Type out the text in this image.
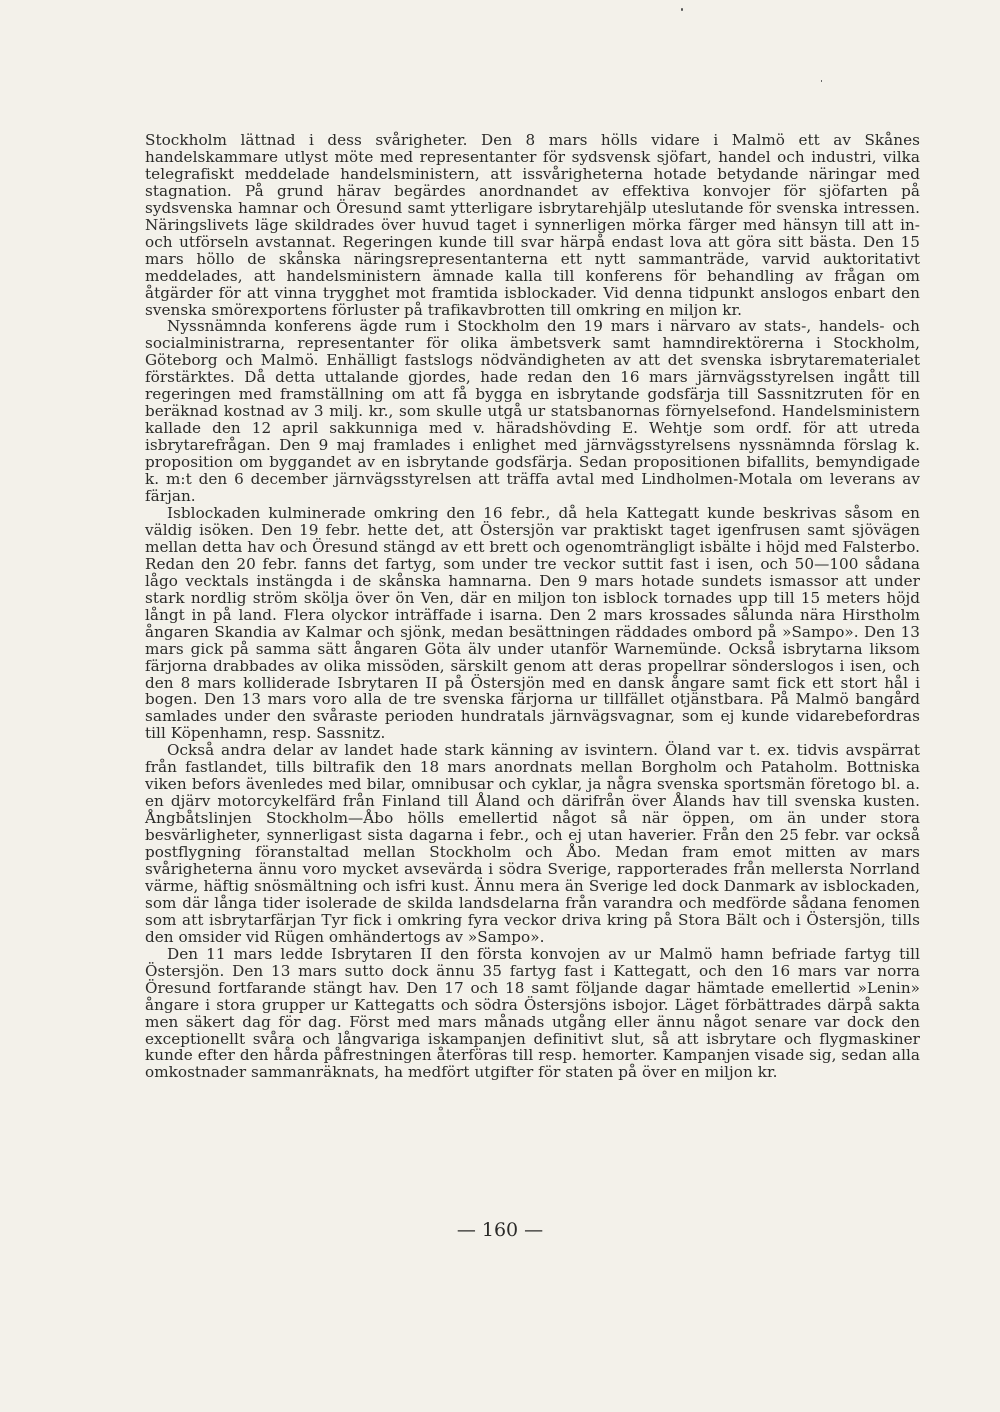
Stockholm lättnad i dess svårigheter. Den 8 mars hölls vidare i Malmö ett av Skånes handelskammare utlyst möte med representanter för sydsvensk sjöfart, handel och industri, vilka telegrafiskt meddelade handelsministern, att issvårigheterna hotade betydande näringar med stagnation. På grund härav begärdes anordnandet av effektiva konvojer för sjöfarten på sydsvenska hamnar och Öresund samt ytterligare isbrytarehjälp uteslutande för svenska intressen. Näringslivets läge skildrades över huvud taget i synnerligen mörka färger med hänsyn till att in- och utförseln avstannat. Regeringen kunde till svar härpå endast lova att göra sitt bästa. Den 15 mars höllo de skånska näringsrepresentanterna ett nytt sammanträde, varvid auktoritativt meddelades, att handelsministern ämnade kalla till konferens för behandling av frågan om åtgärder för att vinna trygghet mot framtida isblockader. Vid denna tidpunkt anslogos enbart den svenska smörexportens förluster på trafikavbrotten till omkring en miljon kr.

Nyssnämnda konferens ägde rum i Stockholm den 19 mars i närvaro av stats-, handels- och socialministrarna, representanter för olika ämbetsverk samt hamndirektörerna i Stockholm, Göteborg och Malmö. Enhälligt fastslogs nödvändigheten av att det svenska isbrytarematerialet förstärktes. Då detta uttalande gjordes, hade redan den 16 mars järnvägsstyrelsen ingått till regeringen med framställning om att få bygga en isbrytande godsfärja till Sassnitzruten för en beräknad kostnad av 3 milj. kr., som skulle utgå ur statsbanornas förnyelsefond. Handelsministern kallade den 12 april sakkunniga med v. häradshövding E. Wehtje som ordf. för att utreda isbrytarefrågan. Den 9 maj framlades i enlighet med järnvägsstyrelsens nyssnämnda förslag k. proposition om byggandet av en isbrytande godsfärja. Sedan propositionen bifallits, bemyndigade k. m:t den 6 december järnvägsstyrelsen att träffa avtal med Lindholmen-Motala om leverans av färjan.

Isblockaden kulminerade omkring den 16 febr., då hela Kattegatt kunde beskrivas såsom en väldig isöken. Den 19 febr. hette det, att Östersjön var praktiskt taget igenfrusen samt sjövägen mellan detta hav och Öresund stängd av ett brett och ogenomträngligt isbälte i höjd med Falsterbo. Redan den 20 febr. fanns det fartyg, som under tre veckor suttit fast i isen, och 50—100 sådana lågo vecktals instängda i de skånska hamnarna. Den 9 mars hotade sundets ismassor att under stark nordlig ström skölja över ön Ven, där en miljon ton isblock tornades upp till 15 meters höjd långt in på land. Flera olyckor inträffade i isarna. Den 2 mars krossades sålunda nära Hirstholm ångaren Skandia av Kalmar och sjönk, medan besättningen räddades ombord på »Sampo». Den 13 mars gick på samma sätt ångaren Göta älv under utanför Warnemünde. Också isbrytarna liksom färjorna drabbades av olika missöden, särskilt genom att deras propellrar sönderslogos i isen, och den 8 mars kolliderade Isbrytaren II på Östersjön med en dansk ångare samt fick ett stort hål i bogen. Den 13 mars voro alla de tre svenska färjorna ur tillfället otjänstbara. På Malmö bangård samlades under den svåraste perioden hundratals järnvägsvagnar, som ej kunde vidarebefordras till Köpenhamn, resp. Sassnitz.

Också andra delar av landet hade stark känning av isvintern. Öland var t. ex. tidvis avspärrat från fastlandet, tills biltrafik den 18 mars anordnats mellan Borgholm och Pataholm. Bottniska viken befors ävenledes med bilar, omnibusar och cyklar, ja några svenska sportsmän företogo bl. a. en djärv motorcykelfärd från Finland till Åland och därifrån över Ålands hav till svenska kusten. Ångbåtslinjen Stockholm—Åbo hölls emellertid något så när öppen, om än under stora besvärligheter, synnerligast sista dagarna i febr., och ej utan haverier. Från den 25 febr. var också postflygning föranstaltad mellan Stockholm och Åbo. Medan fram emot mitten av mars svårigheterna ännu voro mycket avsevärda i södra Sverige, rapporterades från mellersta Norrland värme, häftig snösmältning och isfri kust. Ännu mera än Sverige led dock Danmark av isblockaden, som där långa tider isolerade de skilda landsdelarna från varandra och medförde sådana fenomen som att isbrytarfärjan Tyr fick i omkring fyra veckor driva kring på Stora Bält och i Östersjön, tills den omsider vid Rügen omhändertogs av »Sampo».

Den 11 mars ledde Isbrytaren II den första konvojen av ur Malmö hamn befriade fartyg till Östersjön. Den 13 mars sutto dock ännu 35 fartyg fast i Kattegatt, och den 16 mars var norra Öresund fortfarande stängt hav. Den 17 och 18 samt följande dagar hämtade emellertid »Lenin» ångare i stora grupper ur Kattegatts och södra Östersjöns isbojor. Läget förbättrades därpå sakta men säkert dag för dag. Först med mars månads utgång eller ännu något senare var dock den exceptionellt svåra och långvariga iskampanjen definitivt slut, så att isbrytare och flygmaskiner kunde efter den hårda påfrestningen återföras till resp. hemorter. Kampanjen visade sig, sedan alla omkostnader sammanräknats, ha medfört utgifter för staten på över en miljon kr.

— 160 —
